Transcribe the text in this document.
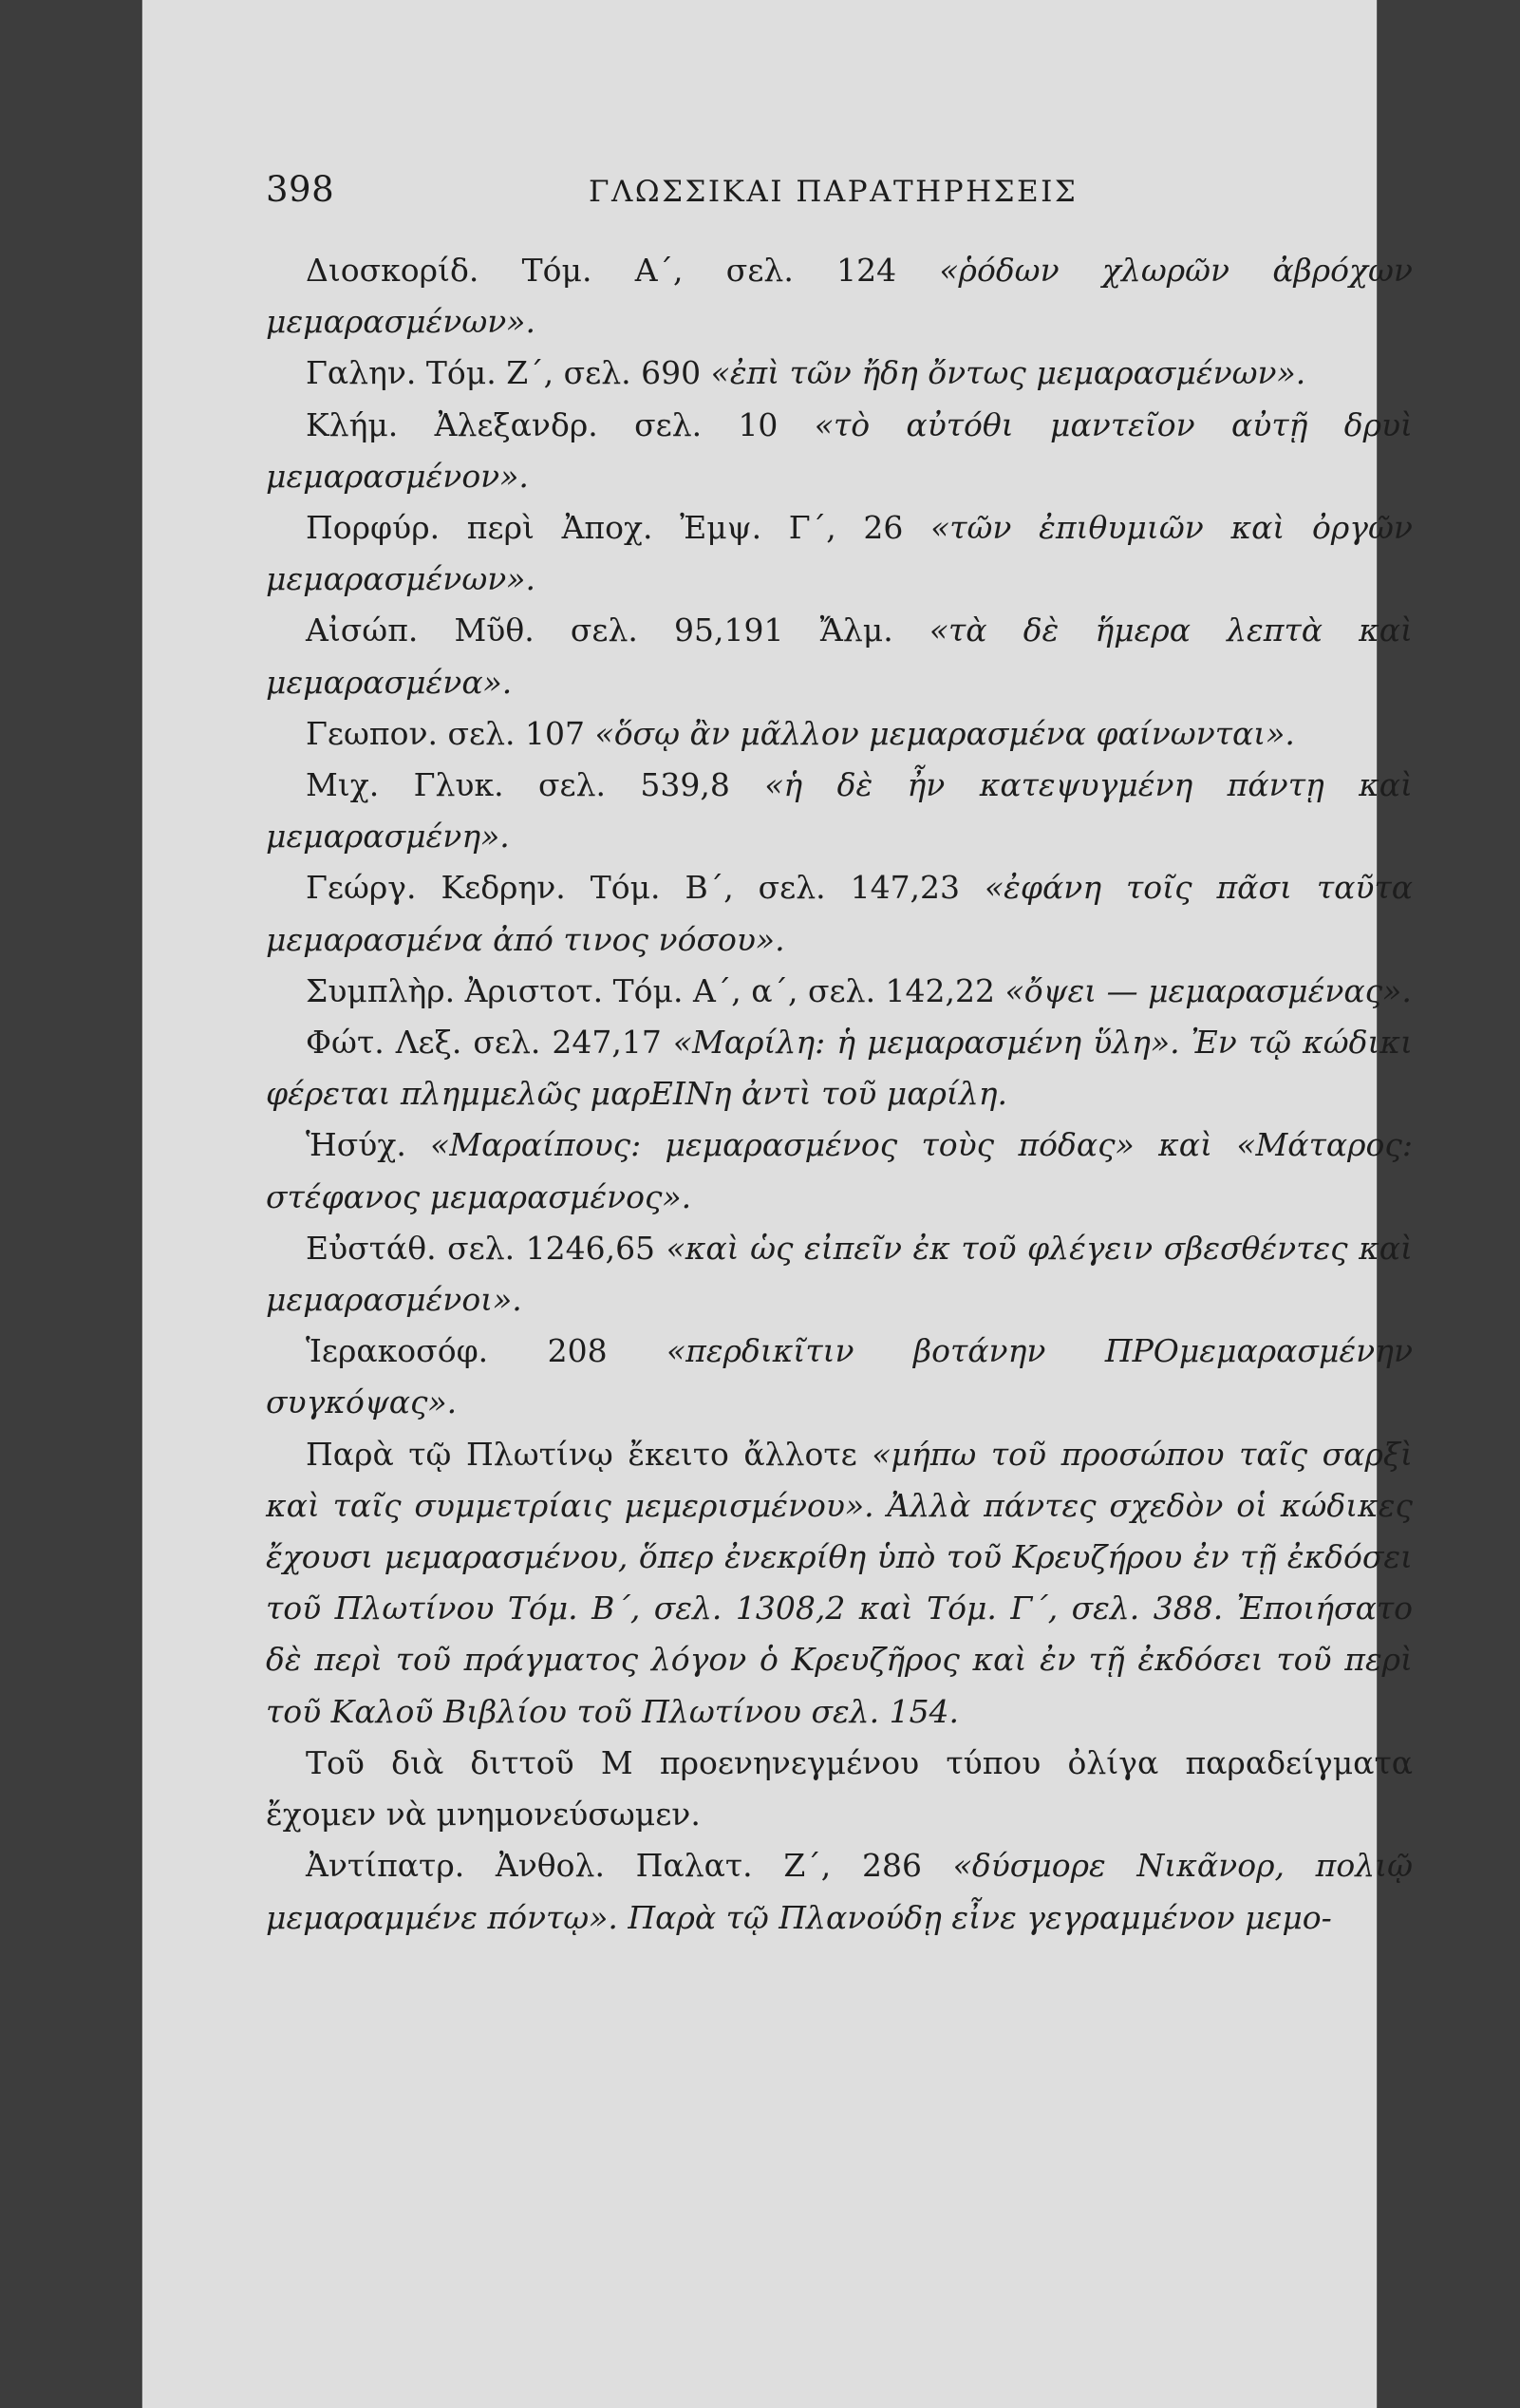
398	ΓΛΩΣΣΙΚΑΙ ΠΑΡΑΤΗΡΗΣΕΙΣ

Διοσκορίδ. Τόμ. Α΄, σελ. 124 «ῥόδων χλωρῶν ἀβρόχων μεμαρασμένων».

Γαλην. Τόμ. Ζ΄, σελ. 690 «ἐπὶ τῶν ἤδη ὄντως μεμαρασμένων».

Κλήμ. Ἀλεξανδρ. σελ. 10 «τὸ αὐτόθι μαντεῖον αὐτῇ δρυὶ μεμαρασμένον».

Πορφύρ. περὶ Ἀποχ. Ἐμψ. Γ΄, 26 «τῶν ἐπιθυμιῶν καὶ ὀργῶν μεμαρασμένων».

Αἰσώπ. Μῦθ. σελ. 95,191 Ἄλμ. «τὰ δὲ ἥμερα λεπτὰ καὶ μεμαρασμένα».

Γεωπον. σελ. 107 «ὅσῳ ἂν μᾶλλον μεμαρασμένα φαίνωνται».

Μιχ. Γλυκ. σελ. 539,8 «ἡ δὲ ἦν κατεψυγμένη πάντῃ καὶ μεμαρασμένη».

Γεώργ. Κεδρην. Τόμ. Β΄, σελ. 147,23 «ἐφάνη τοῖς πᾶσι ταῦτα μεμαρασμένα ἀπό τινος νόσου».

Συμπλὴρ. Ἀριστοτ. Τόμ. Α΄, α΄, σελ. 142,22 «ὄψει — μεμαρασμένας».

Φώτ. Λεξ. σελ. 247,17 «Μαρίλη: ἡ μεμαρασμένη ὕλη». Ἐν τῷ κώδικι φέρεται πλημμελῶς μαρΕΙΝη ἀντὶ τοῦ μαρίλη.

Ἡσύχ. «Μαραίπους: μεμαρασμένος τοὺς πόδας» καὶ «Μάταρος: στέφανος μεμαρασμένος».

Εὐστάθ. σελ. 1246,65 «καὶ ὡς εἰπεῖν ἐκ τοῦ φλέγειν σβεσθέντες καὶ μεμαρασμένοι».

Ἱερακοσόφ. 208 «περδικῖτιν βοτάνην ΠΡΟμεμαρασμένην συγκόψας».

Παρὰ τῷ Πλωτίνῳ ἔκειτο ἄλλοτε «μήπω τοῦ προσώπου ταῖς σαρξὶ καὶ ταῖς συμμετρίαις μεμερισμένου». Ἀλλὰ πάντες σχεδὸν οἱ κώδικες ἔχουσι μεμαρασμένου, ὅπερ ἐνεκρίθη ὑπὸ τοῦ Κρευζήρου ἐν τῇ ἐκδόσει τοῦ Πλωτίνου Τόμ. Β΄, σελ. 1308,2 καὶ Τόμ. Γ΄, σελ. 388. Ἐποιήσατο δὲ περὶ τοῦ πράγματος λόγον ὁ Κρευζῆρος καὶ ἐν τῇ ἐκδόσει τοῦ περὶ τοῦ Καλοῦ Βιβλίου τοῦ Πλωτίνου σελ. 154.

Τοῦ διὰ διττοῦ Μ προενηνεγμένου τύπου ὀλίγα παραδείγματα ἔχομεν νὰ μνημονεύσωμεν.

Ἀντίπατρ. Ἀνθολ. Παλατ. Ζ΄, 286 «δύσμορε Νικᾶνορ, πολιῷ μεμαραμμένε πόντῳ». Παρὰ τῷ Πλανούδῃ εἶνε γεγραμμένον μεμο-
